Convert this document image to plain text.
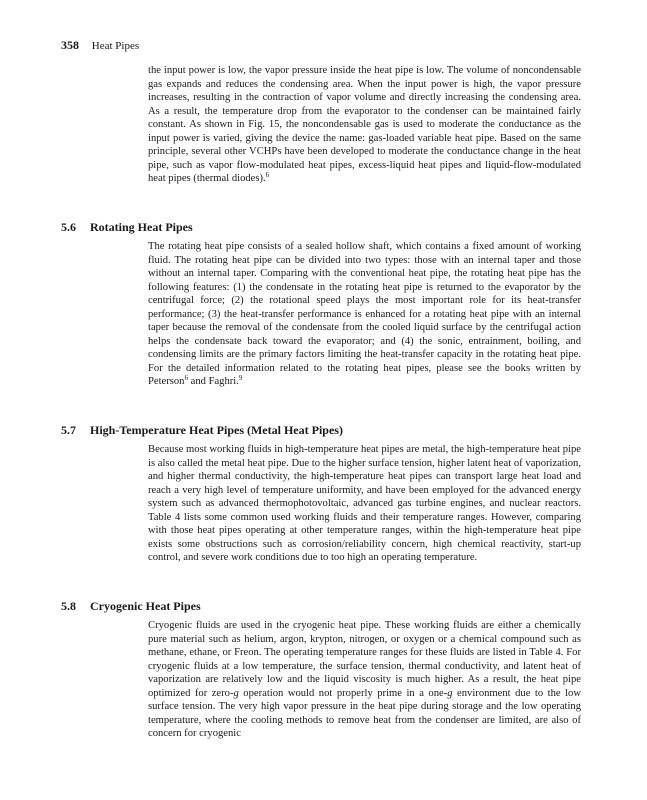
358 Heat Pipes

the input power is low, the vapor pressure inside the heat pipe is low. The volume of noncondensable gas expands and reduces the condensing area. When the input power is high, the vapor pressure increases, resulting in the contraction of vapor volume and directly increasing the condensing area. As a result, the temperature drop from the evaporator to the condenser can be maintained fairly constant. As shown in Fig. 15, the noncondensable gas is used to moderate the conductance as the input power is varied, giving the device the name: gas-loaded variable heat pipe. Based on the same principle, several other VCHPs have been developed to moderate the conductance change in the heat pipe, such as vapor flow-modulated heat pipes, excess-liquid heat pipes and liquid-flow-modulated heat pipes (thermal diodes).$^6$

5.6 Rotating Heat Pipes

The rotating heat pipe consists of a sealed hollow shaft, which contains a fixed amount of working fluid. The rotating heat pipe can be divided into two types: those with an internal taper and those without an internal taper. Comparing with the conventional heat pipe, the rotating heat pipe has the following features: (1) the condensate in the rotating heat pipe is returned to the evaporator by the centrifugal force; (2) the rotational speed plays the most important role for its heat-transfer performance; (3) the heat-transfer performance is enhanced for a rotating heat pipe with an internal taper because the removal of the condensate from the cooled liquid surface by the centrifugal action helps the condensate back toward the evaporator; and (4) the sonic, entrainment, boiling, and condensing limits are the primary factors limiting the heat-transfer capacity in the rotating heat pipe. For the detailed information related to the rotating heat pipes, please see the books written by Peterson$^6$ and Faghri.$^9$

5.7 High-Temperature Heat Pipes (Metal Heat Pipes)

Because most working fluids in high-temperature heat pipes are metal, the high-temperature heat pipe is also called the metal heat pipe. Due to the higher surface tension, higher latent heat of vaporization, and higher thermal conductivity, the high-temperature heat pipes can transport large heat load and reach a very high level of temperature uniformity, and have been employed for the advanced energy system such as advanced thermophotovoltaic, advanced gas turbine engines, and nuclear reactors. Table 4 lists some common used working fluids and their temperature ranges. However, comparing with those heat pipes operating at other temperature ranges, within the high-temperature heat pipe exists some obstructions such as corrosion/reliability concern, high chemical reactivity, start-up control, and severe work conditions due to too high an operating temperature.

5.8 Cryogenic Heat Pipes

Cryogenic fluids are used in the cryogenic heat pipe. These working fluids are either a chemically pure material such as helium, argon, krypton, nitrogen, or oxygen or a chemical compound such as methane, ethane, or Freon. The operating temperature ranges for these fluids are listed in Table 4. For cryogenic fluids at a low temperature, the surface tension, thermal conductivity, and latent heat of vaporization are relatively low and the liquid viscosity is much higher. As a result, the heat pipe optimized for zero-g operation would not properly prime in a one-g environment due to the low surface tension. The very high vapor pressure in the heat pipe during storage and the low operating temperature, where the cooling methods to remove heat from the condenser are limited, are also of concern for cryogenic
